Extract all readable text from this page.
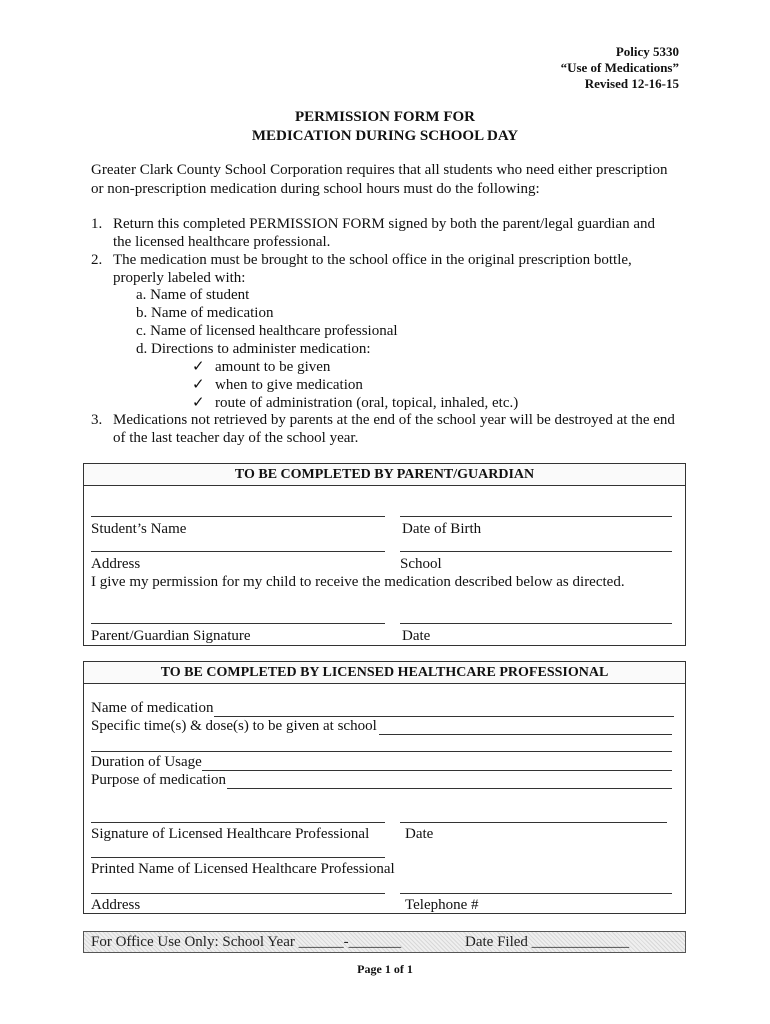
Policy 5330
“Use of Medications”
Revised 12-16-15
PERMISSION FORM FOR
MEDICATION DURING SCHOOL DAY
Greater Clark County School Corporation requires that all students who need either prescription
or non-prescription medication during school hours must do the following:
1. Return this completed PERMISSION FORM signed by both the parent/legal guardian and
the licensed healthcare professional.
2. The medication must be brought to the school office in the original prescription bottle,
properly labeled with:
a. Name of student
b. Name of medication
c. Name of licensed healthcare professional
d. Directions to administer medication:
✓ amount to be given
✓ when to give medication
✓ route of administration (oral, topical, inhaled, etc.)
3. Medications not retrieved by parents at the end of the school year will be destroyed at the end
of the last teacher day of the school year.
TO BE COMPLETED BY PARENT/GUARDIAN
Student’s Name	Date of Birth
Address	School
I give my permission for my child to receive the medication described below as directed.
Parent/Guardian Signature	Date
TO BE COMPLETED BY LICENSED HEALTHCARE PROFESSIONAL
Name of medication
Specific time(s) & dose(s) to be given at school
Duration of Usage
Purpose of medication
Signature of Licensed Healthcare Professional Date
Printed Name of Licensed Healthcare Professional
Address	Telephone #
For Office Use Only: School Year ______-_______	Date Filed _____________
Page 1 of 1
